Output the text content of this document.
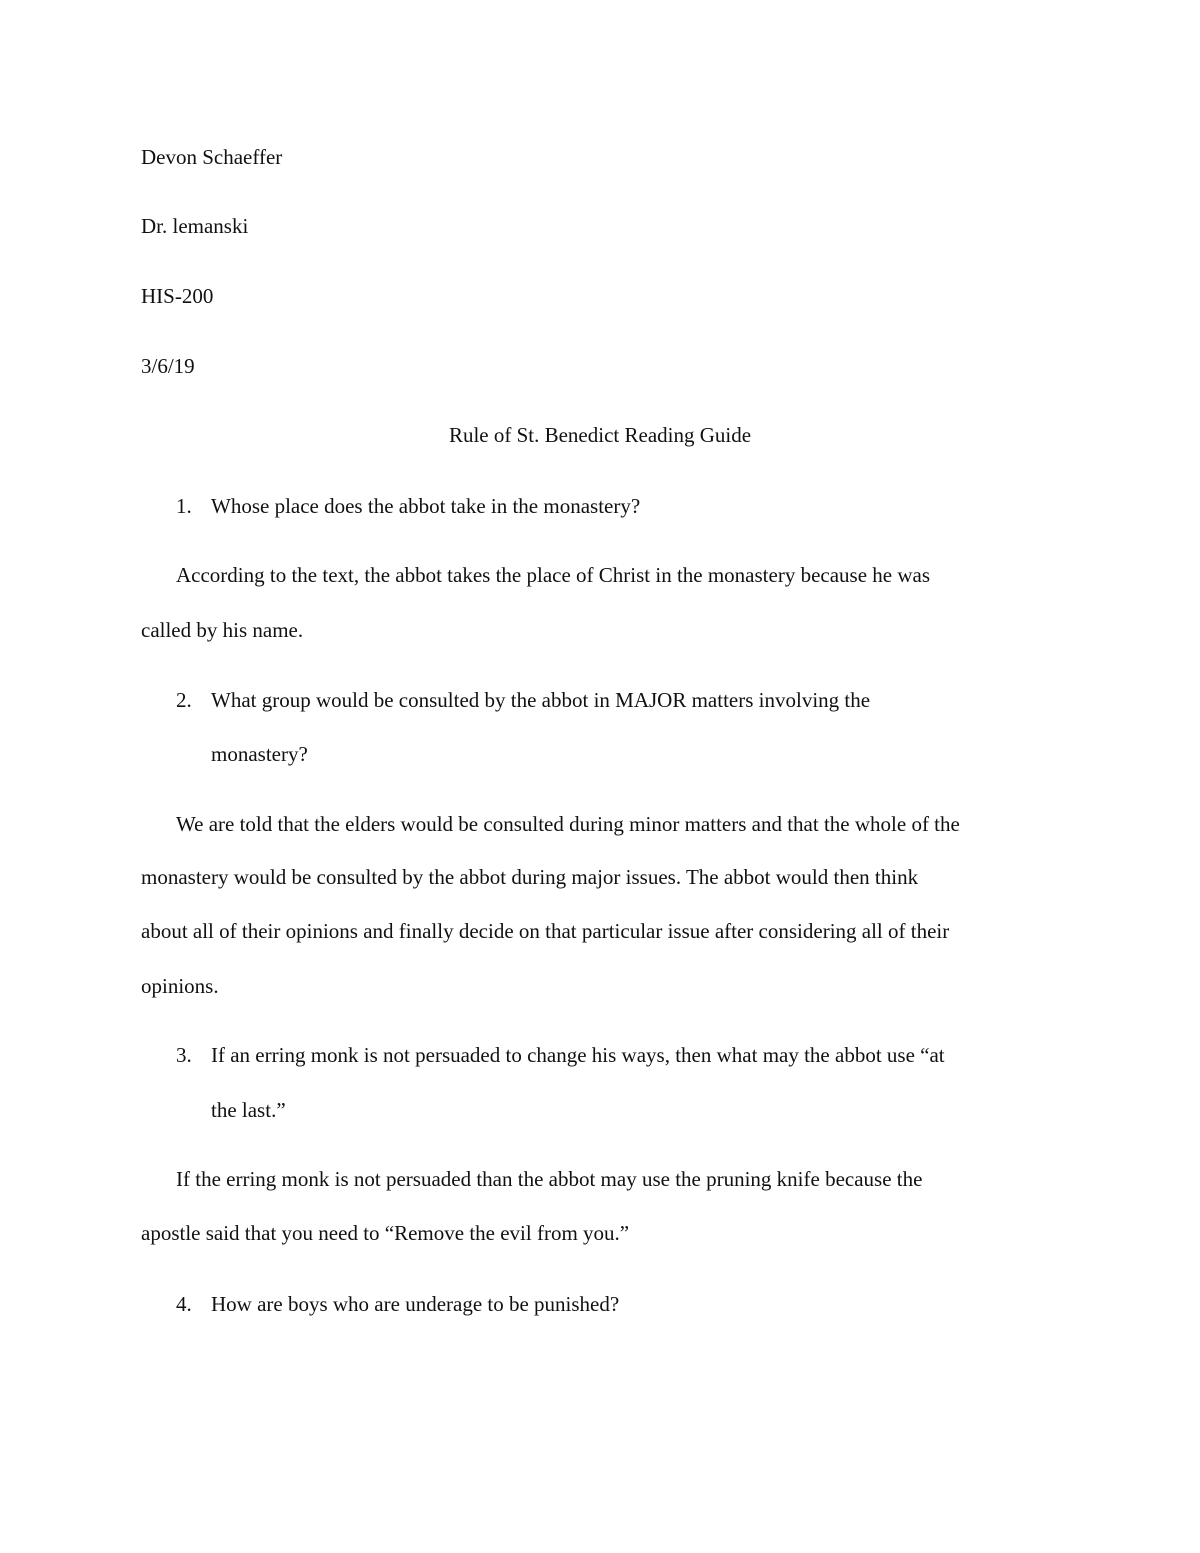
Devon Schaeffer
Dr. lemanski
HIS-200
3/6/19
Rule of St. Benedict Reading Guide
1. Whose place does the abbot take in the monastery?
According to the text, the abbot takes the place of Christ in the monastery because he was
called by his name.
2. What group would be consulted by the abbot in MAJOR matters involving the
monastery?
We are told that the elders would be consulted during minor matters and that the whole of the
monastery would be consulted by the abbot during major issues. The abbot would then think
about all of their opinions and finally decide on that particular issue after considering all of their
opinions.
3. If an erring monk is not persuaded to change his ways, then what may the abbot use “at
the last.”
If the erring monk is not persuaded than the abbot may use the pruning knife because the
apostle said that you need to “Remove the evil from you.”
4. How are boys who are underage to be punished?
